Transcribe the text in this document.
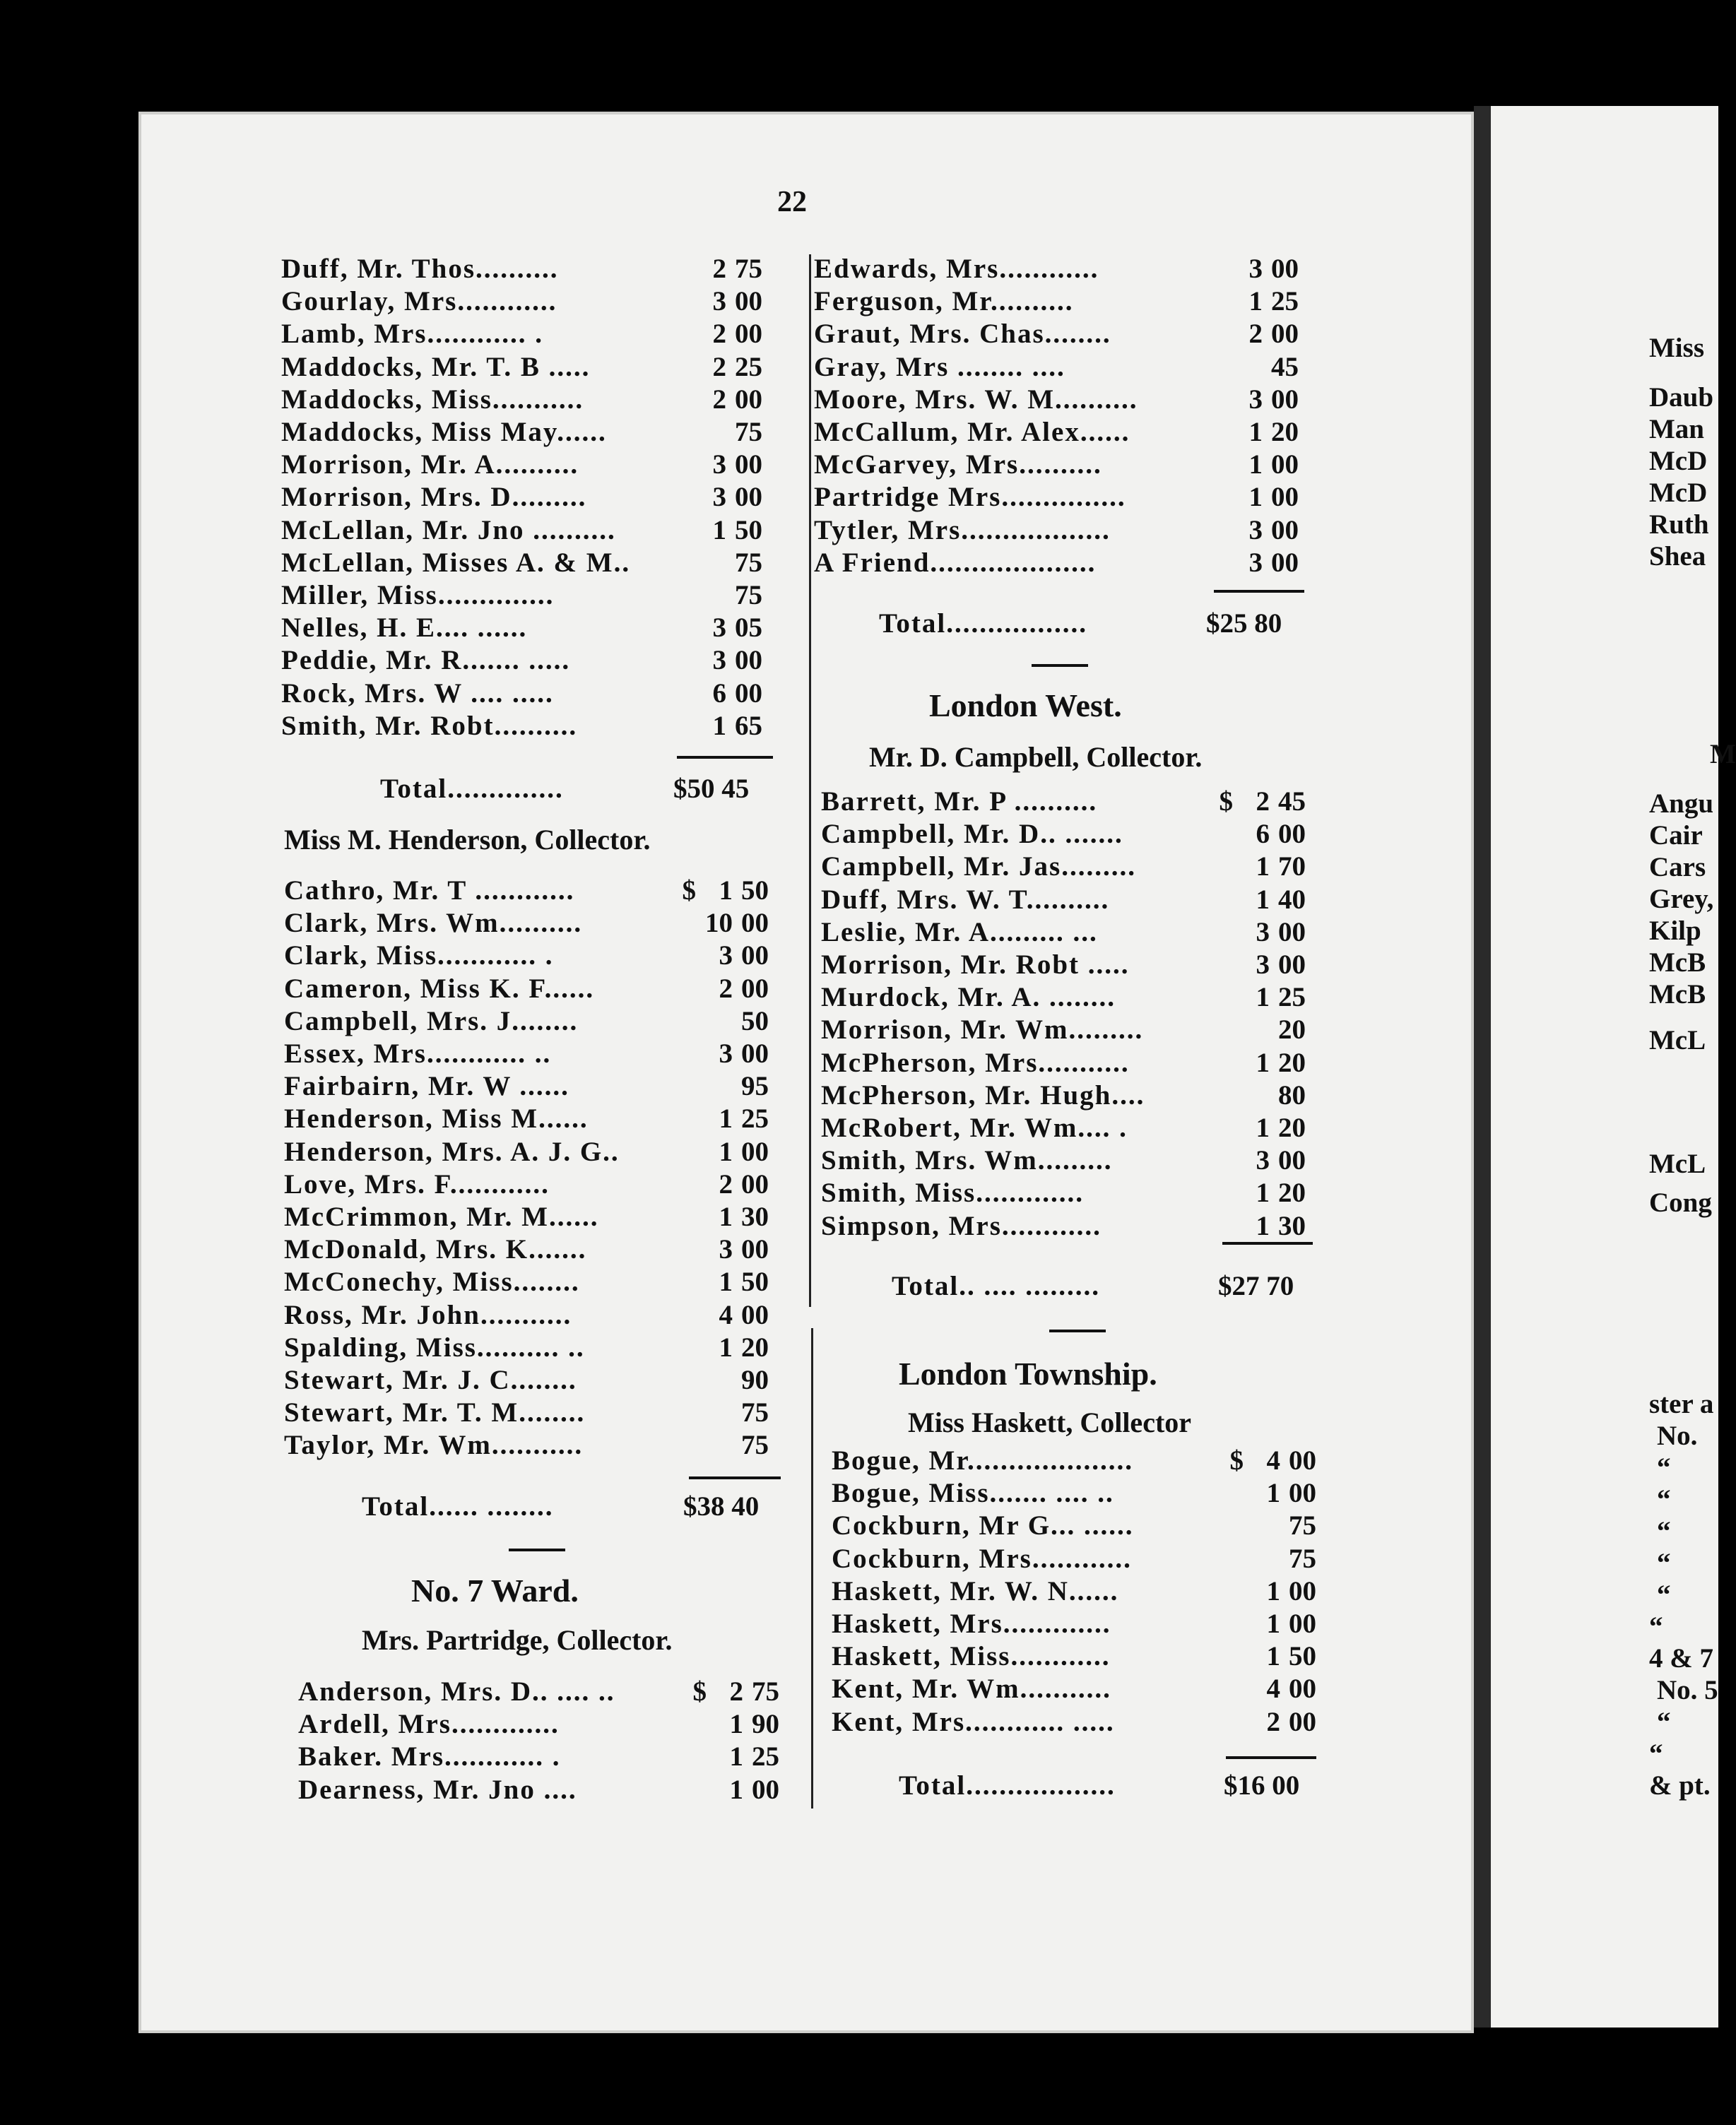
22
Duff, Mr. Thos..........	2 75
Gourlay, Mrs............	3 00
Lamb, Mrs............ .	2 00
Maddocks, Mr. T. B .....	2 25
Maddocks, Miss...........	2 00
Maddocks, Miss May......	75
Morrison, Mr. A..........	3 00
Morrison, Mrs. D.........	3 00
McLellan, Mr. Jno ..........	1 50
McLellan, Misses A. & M..	75
Miller, Miss..............	75
Nelles, H. E.... ......	3 05
Peddie, Mr. R....... .....	3 00
Rock, Mrs. W .... .....	6 00
Smith, Mr. Robt..........	1 65
Total..............	$50 45
Miss M. Henderson, Collector.
Cathro, Mr. T ............	$ 1 50
Clark, Mrs. Wm..........	10 00
Clark, Miss............ .	3 00
Cameron, Miss K. F......	2 00
Campbell, Mrs. J........	50
Essex, Mrs............ ..	3 00
Fairbairn, Mr. W ......	95
Henderson, Miss M......	1 25
Henderson, Mrs. A. J. G..	1 00
Love, Mrs. F............	2 00
McCrimmon, Mr. M......	1 30
McDonald, Mrs. K.......	3 00
McConechy, Miss........	1 50
Ross, Mr. John...........	4 00
Spalding, Miss.......... ..	1 20
Stewart, Mr. J. C........	90
Stewart, Mr. T. M........	75
Taylor, Mr. Wm...........	75
Total...... ........	$38 40
No. 7 Ward.
Mrs. Partridge, Collector.
Anderson, Mrs. D.. .... ..	$ 2 75
Ardell, Mrs.............	1 90
Baker. Mrs............ .	1 25
Dearness, Mr. Jno ....	1 00
Edwards, Mrs............	3 00
Ferguson, Mr..........	1 25
Graut, Mrs. Chas........	2 00
Gray, Mrs ........ ....	45
Moore, Mrs. W. M..........	3 00
McCallum, Mr. Alex......	1 20
McGarvey, Mrs..........	1 00
Partridge Mrs...............	1 00
Tytler, Mrs..................	3 00
A Friend....................	3 00
Total.................	$25 80
London West.
Mr. D. Campbell, Collector.
Barrett, Mr. P ..........	$ 2 45
Campbell, Mr. D.. .......	6 00
Campbell, Mr. Jas.........	1 70
Duff, Mrs. W. T..........	1 40
Leslie, Mr. A......... ...	3 00
Morrison, Mr. Robt .....	3 00
Murdock, Mr. A. ........	1 25
Morrison, Mr. Wm.........	20
McPherson, Mrs...........	1 20
McPherson, Mr. Hugh....	80
McRobert, Mr. Wm.... .	1 20
Smith, Mrs. Wm.........	3 00
Smith, Miss.............	1 20
Simpson, Mrs............	1 30
Total.. .... .........	$27 70
London Township.
Miss Haskett, Collector
Bogue, Mr....................	$ 4 00
Bogue, Miss....... .... ..	1 00
Cockburn, Mr G... ......	75
Cockburn, Mrs............	75
Haskett, Mr. W. N......	1 00
Haskett, Mrs.............	1 00
Haskett, Miss............	1 50
Kent, Mr. Wm...........	4 00
Kent, Mrs............ .....	2 00
Total..................	$16 00
Miss
Daub
Man
McD
McD
Ruth
Shea
M
Angu
Cair
Cars
Grey,
Kilp
McB
McB
McL
McL
Cong
ster a
No.
“
“
“
“
“
“
4 & 7
No. 5
“
“
& pt.
